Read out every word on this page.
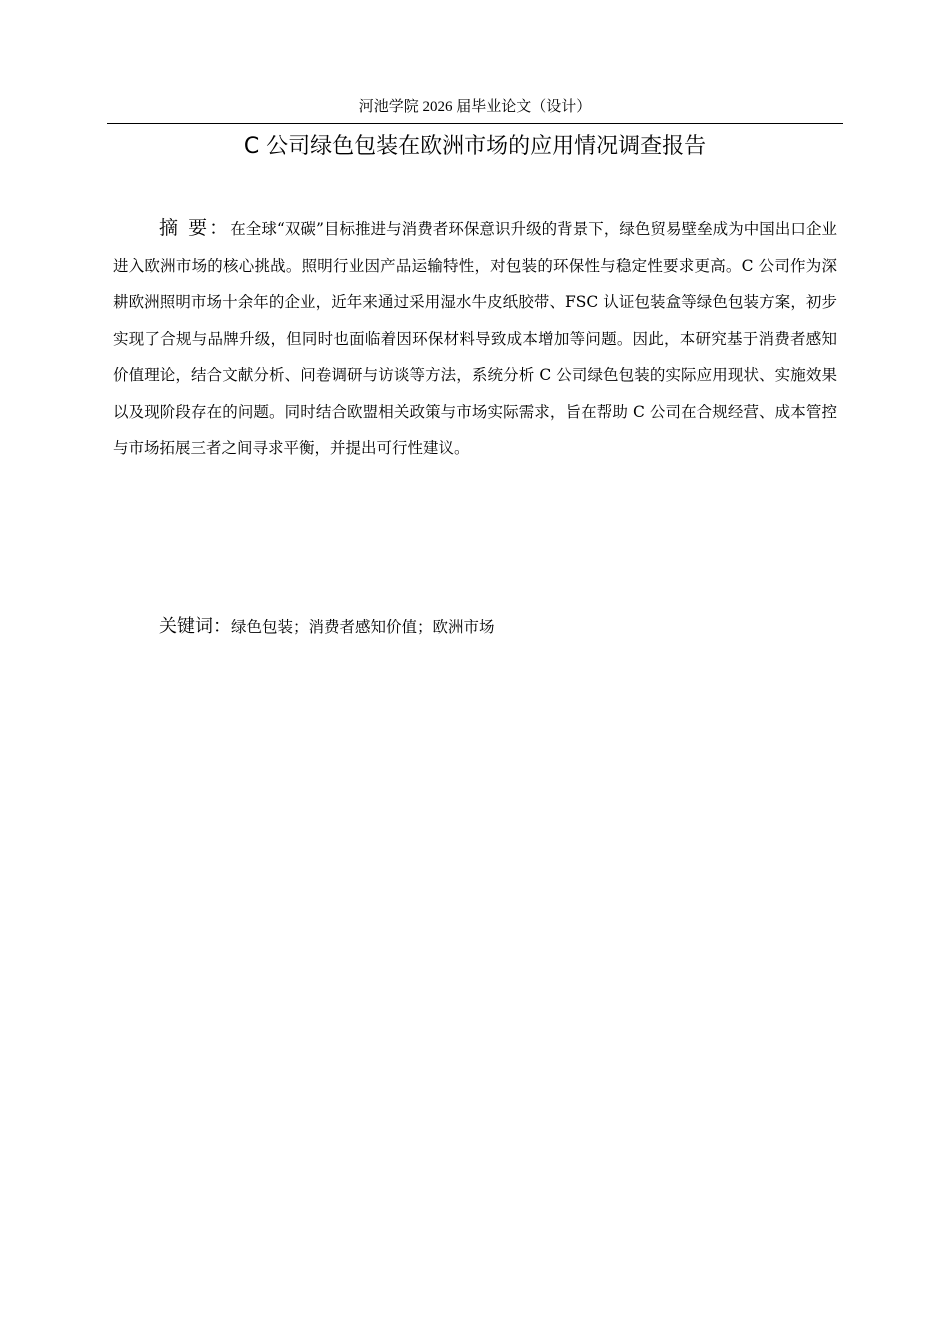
河池学院 2026 届毕业论文（设计）
C 公司绿色包装在欧洲市场的应用情况调查报告

摘 要：在全球“双碳”目标推进与消费者环保意识升级的背景下，绿色贸易壁垒成为中国出口企业进入欧洲市场的核心挑战。照明行业因产品运输特性，对包装的环保性与稳定性要求更高。C 公司作为深耕欧洲照明市场十余年的企业，近年来通过采用湿水牛皮纸胶带、FSC 认证包装盒等绿色包装方案，初步实现了合规与品牌升级，但同时也面临着因环保材料导致成本增加等问题。因此，本研究基于消费者感知价值理论，结合文献分析、问卷调研与访谈等方法，系统分析 C 公司绿色包装的实际应用现状、实施效果以及现阶段存在的问题。同时结合欧盟相关政策与市场实际需求，旨在帮助 C 公司在合规经营、成本管控与市场拓展三者之间寻求平衡，并提出可行性建议。

关键词：绿色包装；消费者感知价值；欧洲市场
